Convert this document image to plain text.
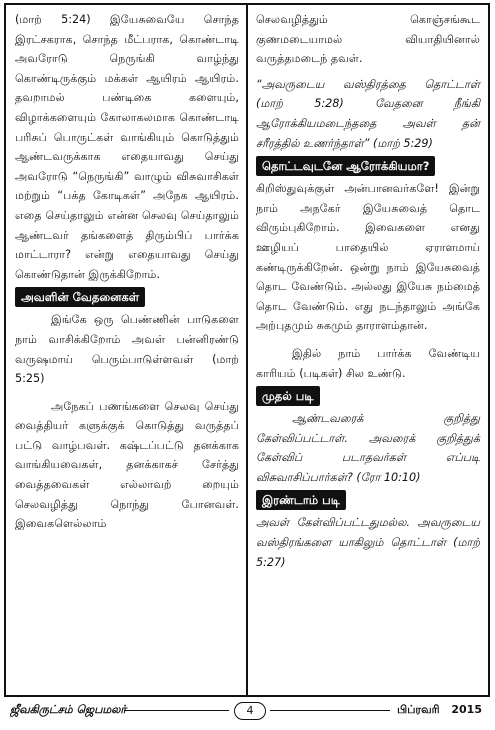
(மாற் 5:24) இயேசுவையே சொந்த இரட்சகராக, சொந்த மீட்பராக, கொண்டாடி அவரோடு நெருங்கி வாழ்ந்து கொண்டிருக்கும் மக்கள் ஆயிரம் ஆயிரம். தவறாமல் பண்டிகை களையும், விழாக்களையும் கோலாகலமாக கொண்டாடி பரிசுப் பொருட்கள் வாங்கியும் கொடுத்தும் ஆண்டவருக்காக எதையாவது செய்து அவரோடு “நெருங்கி” வாழும் விசுவாசிகள் மற்றும் “பக்த கோடிகள்” அநேக ஆயிரம். எதை செய்தாலும் என்ன செலவு செய்தாலும் ஆண்டவர் தங்களைத் திரும்பிப் பார்க்க மாட்டாரா? என்று எதையாவது செய்து கொண்டுதான் இருக்கிறோம்.

அவளின் வேதனைகள்

இங்கே ஒரு பெண்ணின் பாடுகளை நாம் வாசிக்கிறோம் அவள் பன்னிரண்டு வருஷமாய் பெரும்பாடுள்ளவள் (மாற் 5:25)

அநேகப் பணங்களை செலவு செய்து வைத்தியர் களுக்குக் கொடுத்து வருத்தப் பட்டு வாழ்பவள். கஷ்டப்பட்டு தனக்காக வாங்கியவைகள், தனக்காகச் சேர்த்து வைத்தவைகள் எல்லாவற் றையும் செலவழித்து நொந்து போனவள். இவைகளெல்லாம்

செலவழித்தும் கொஞ்சங்கூட குணமடையாமல் வியாதியினால் வருத்தமடைந் தவள்.

“அவருடைய வஸ்திரத்தை தொட்டாள் (மாற் 5:28) வேதனை நீங்கி ஆரோக்கியமடைந்ததை அவள் தன் சரீரத்தில் உணர்ந்தாள்” (மாற் 5:29)

தொட்டவுடனே ஆரோக்கியமா?

கிறிஸ்துவுக்குள் அன்பானவர்களே! இன்று நாம் அநகேர் இயேசுவைத் தொட விரும்புகிறோம். இவைகளை எனது ஊழியப் பாதையில் ஏராளமாய் கண்டிருக்கிறேன். ஒன்று நாம் இயேசுவைத் தொட வேண்டும். அல்லது இயேசு நம்மைத் தொட வேண்டும். எது நடந்தாலும் அங்கே அற்புதமும் சுகமும் தாராளம்தான்.

இதில் நாம் பார்க்க வேண்டிய காரியம் (படிகள்) சில உண்டு.

முதல் படி

ஆண்டவரைக் குறித்து கேள்விப்பட்டாள். அவரைக் குறித்துக் கேள்விப் படாதவர்கள் எப்படி விசுவாசிப்பார்கள்? (ரோ 10:10)

இரண்டாம் படி

அவள் கேள்விப்பட்டதுமல்ல. அவருடைய வஸ்திரங்களை யாகிலும் தொட்டாள் (மாற் 5:27)

ஜீவகிருட்சம் ஜெபமலர்	4	பிப்ரவரி 2015
